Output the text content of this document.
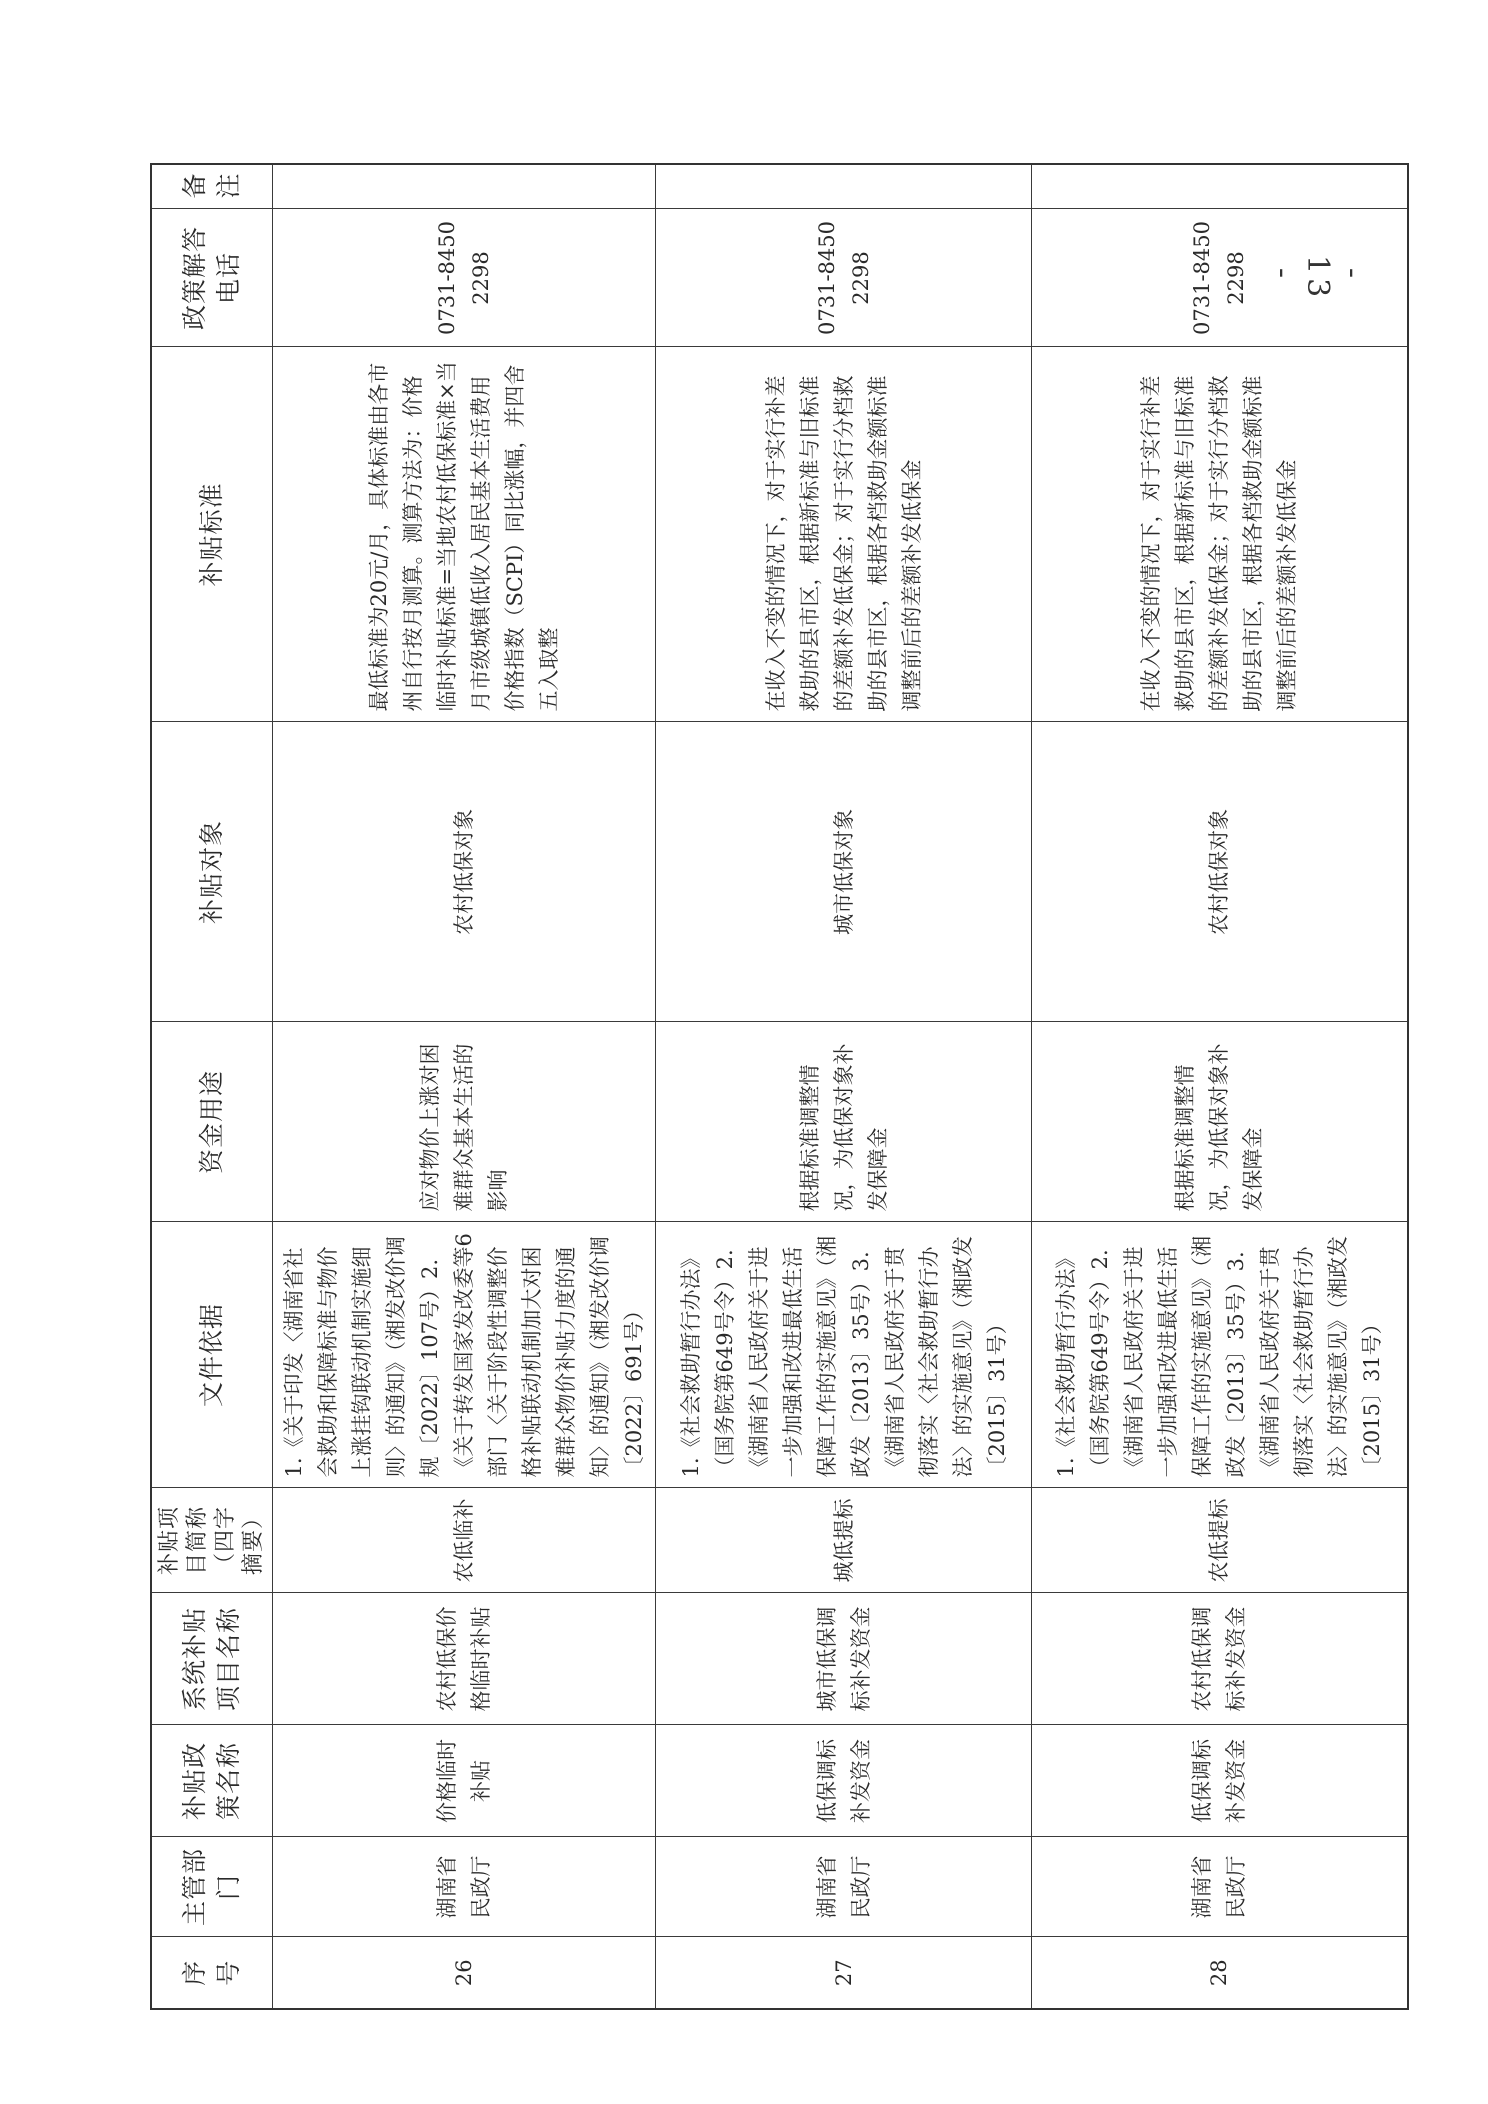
- 13 -
序号	主管部门	补贴政策名称	系统补贴项目名称	补贴项目简称（四字摘要）	文件依据	资金用途	补贴对象	补贴标准	政策解答电话	备注
26	湖南省民政厅	价格临时补贴	农村低保价格临时补贴	农低临补	1.《关于印发〈湖南省社会救助和保障标准与物价上涨挂钩联动机制实施细则〉的通知》（湘发改价调规〔2022〕107号）2.《关于转发国家发改委等6部门〈关于阶段性调整价格补贴联动机制加大对困难群众物价补贴力度的通知〉的通知》（湘发改价调〔2022〕691号）	应对物价上涨对困难群众基本生活的影响	农村低保对象	最低标准为20元/月，具体标准由各市州自行按月测算。测算方法为：价格临时补贴标准=当地农村低保标准×当月市级城镇低收入居民基本生活费用价格指数（SCPI）同比涨幅，并四舍五入取整	0731-84502298	
27	湖南省民政厅	低保调标补发资金	城市低保调标补发资金	城低提标	1.《社会救助暂行办法》（国务院第649号令）2.《湖南省人民政府关于进一步加强和改进最低生活保障工作的实施意见》（湘政发〔2013〕35号）3.《湖南省人民政府关于贯彻落实〈社会救助暂行办法〉的实施意见》（湘政发〔2015〕31号）	根据标准调整情况，为低保对象补发保障金	城市低保对象	在收入不变的情况下，对于实行补差救助的县市区，根据新标准与旧标准的差额补发低保金；对于实行分档救助的县市区，根据各档救助金额标准调整前后的差额补发低保金	0731-84502298	
28	湖南省民政厅	低保调标补发资金	农村低保调标补发资金	农低提标	1.《社会救助暂行办法》（国务院第649号令）2.《湖南省人民政府关于进一步加强和改进最低生活保障工作的实施意见》（湘政发〔2013〕35号）3.《湖南省人民政府关于贯彻落实〈社会救助暂行办法〉的实施意见》（湘政发〔2015〕31号）	根据标准调整情况，为低保对象补发保障金	农村低保对象	在收入不变的情况下，对于实行补差救助的县市区，根据新标准与旧标准的差额补发低保金；对于实行分档救助的县市区，根据各档救助金额标准调整前后的差额补发低保金	0731-84502298	
